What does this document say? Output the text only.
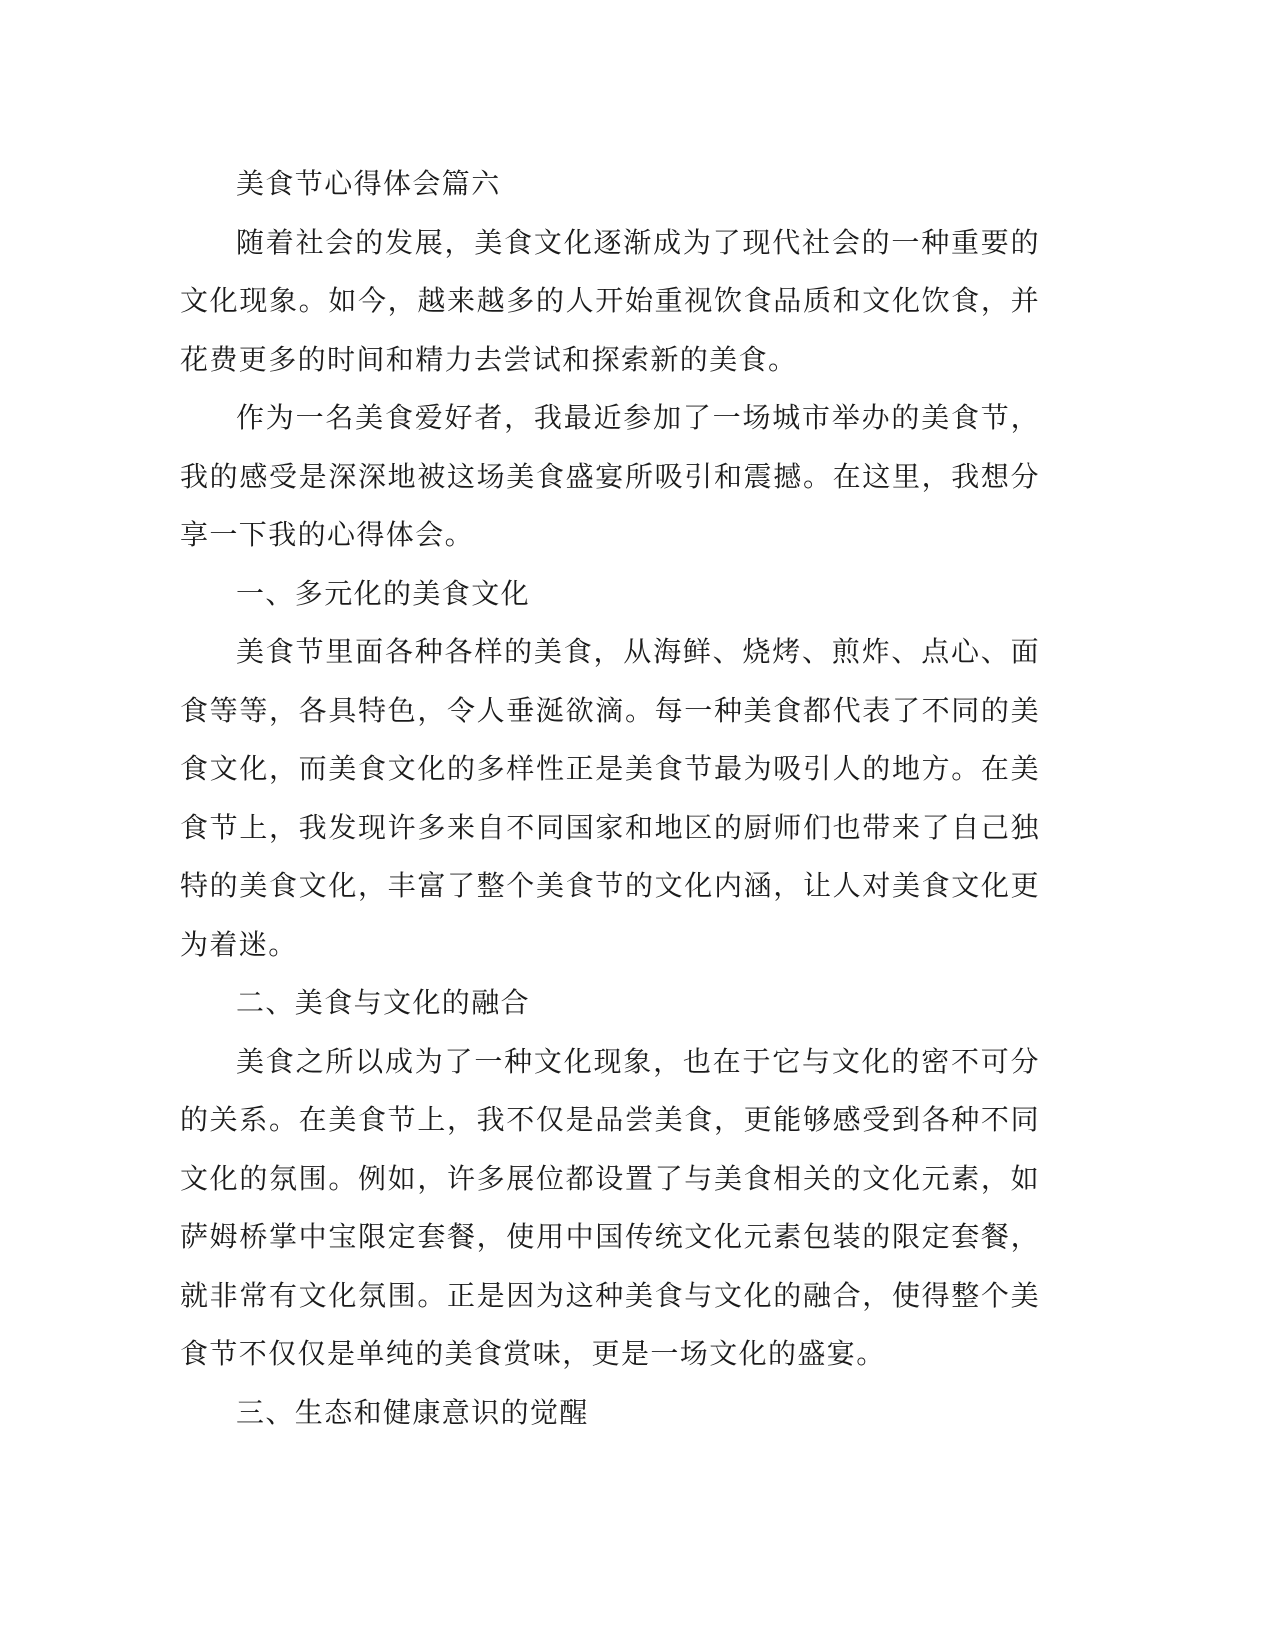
美食节心得体会篇六

随着社会的发展，美食文化逐渐成为了现代社会的一种重要的文化现象。如今，越来越多的人开始重视饮食品质和文化饮食，并花费更多的时间和精力去尝试和探索新的美食。

作为一名美食爱好者，我最近参加了一场城市举办的美食节，我的感受是深深地被这场美食盛宴所吸引和震撼。在这里，我想分享一下我的心得体会。

一、多元化的美食文化

美食节里面各种各样的美食，从海鲜、烧烤、煎炸、点心、面食等等，各具特色，令人垂涎欲滴。每一种美食都代表了不同的美食文化，而美食文化的多样性正是美食节最为吸引人的地方。在美食节上，我发现许多来自不同国家和地区的厨师们也带来了自己独特的美食文化，丰富了整个美食节的文化内涵，让人对美食文化更为着迷。

二、美食与文化的融合

美食之所以成为了一种文化现象，也在于它与文化的密不可分的关系。在美食节上，我不仅是品尝美食，更能够感受到各种不同文化的氛围。例如，许多展位都设置了与美食相关的文化元素，如萨姆桥掌中宝限定套餐，使用中国传统文化元素包装的限定套餐，就非常有文化氛围。正是因为这种美食与文化的融合，使得整个美食节不仅仅是单纯的美食赏味，更是一场文化的盛宴。

三、生态和健康意识的觉醒
